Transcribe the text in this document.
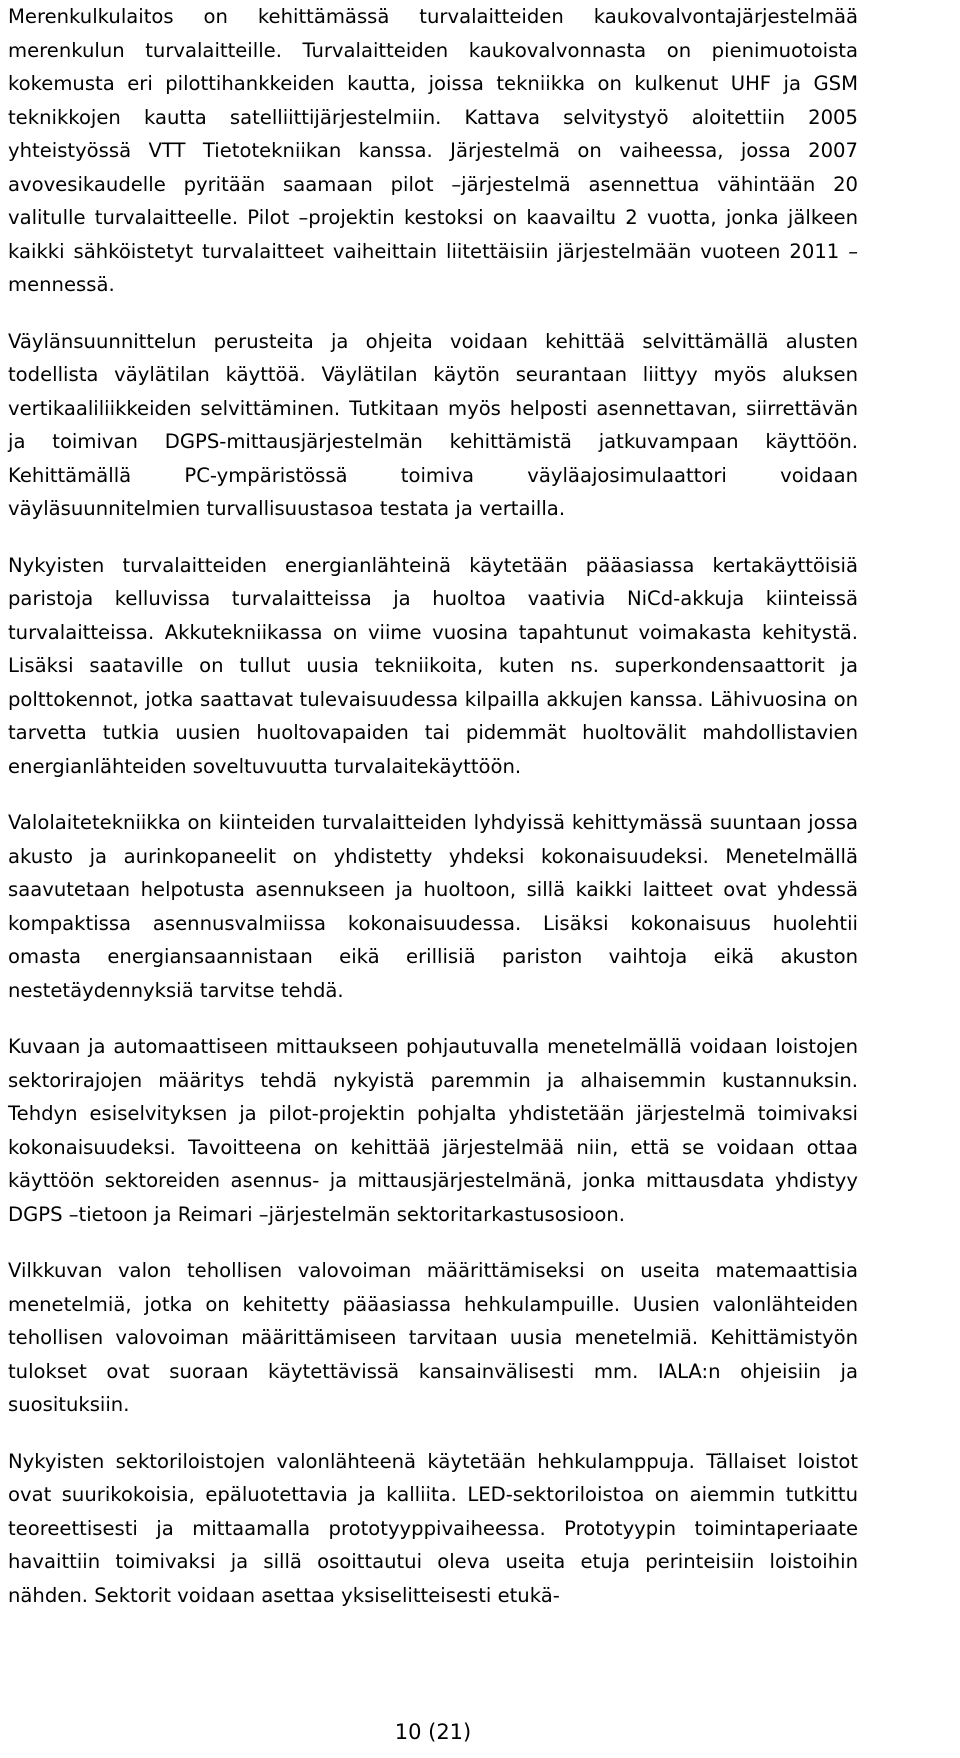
Merenkulkulaitos on kehittämässä turvalaitteiden kaukovalvontajärjestelmää merenkulun turvalaitteille. Turvalaitteiden kaukovalvonnasta on pienimuotoista kokemusta eri pilottihankkeiden kautta, joissa tekniikka on kulkenut UHF ja GSM teknikkojen kautta satelliittijärjestelmiin. Kattava selvitystyö aloitettiin 2005 yhteistyössä VTT Tietotekniikan kanssa. Järjestelmä on vaiheessa, jossa 2007 avovesikaudelle pyritään saamaan pilot –järjestelmä asennettua vähintään 20 valitulle turvalaitteelle. Pilot –projektin kestoksi on kaavailtu 2 vuotta, jonka jälkeen kaikki sähköistetyt turvalaitteet vaiheittain liitettäisiin järjestelmään vuoteen 2011 –mennessä.

Väylänsuunnittelun perusteita ja ohjeita voidaan kehittää selvittämällä alusten todellista väylätilan käyttöä. Väylätilan käytön seurantaan liittyy myös aluksen vertikaaliliikkeiden selvittäminen. Tutkitaan myös helposti asennettavan, siirrettävän ja toimivan DGPS-mittausjärjestelmän kehittämistä jatkuvampaan käyttöön. Kehittämällä PC-ympäristössä toimiva väyläajosimulaattori voidaan väyläsuunnitelmien turvallisuustasoa testata ja vertailla.

Nykyisten turvalaitteiden energianlähteinä käytetään pääasiassa kertakäyttöisiä paristoja kelluvissa turvalaitteissa ja huoltoa vaativia NiCd-akkuja kiinteissä turvalaitteissa. Akkutekniikassa on viime vuosina tapahtunut voimakasta kehitystä. Lisäksi saataville on tullut uusia tekniikoita, kuten ns. superkondensaattorit ja polttokennot, jotka saattavat tulevaisuudessa kilpailla akkujen kanssa. Lähivuosina on tarvetta tutkia uusien huoltovapaiden tai pidemmät huoltovälit mahdollistavien energianlähteiden soveltuvuutta turvalaitekäyttöön.

Valolaitetekniikka on kiinteiden turvalaitteiden lyhdyissä kehittymässä suuntaan jossa akusto ja aurinkopaneelit on yhdistetty yhdeksi kokonaisuudeksi. Menetelmällä saavutetaan helpotusta asennukseen ja huoltoon, sillä kaikki laitteet ovat yhdessä kompaktissa asennusvalmiissa kokonaisuudessa. Lisäksi kokonaisuus huolehtii omasta energiansaannistaan eikä erillisiä pariston vaihtoja eikä akuston nestetäydennyksiä tarvitse tehdä.

Kuvaan ja automaattiseen mittaukseen pohjautuvalla menetelmällä voidaan loistojen sektorirajojen määritys tehdä nykyistä paremmin ja alhaisemmin kustannuksin. Tehdyn esiselvityksen ja pilot-projektin pohjalta yhdistetään järjestelmä toimivaksi kokonaisuudeksi. Tavoitteena on kehittää järjestelmää niin, että se voidaan ottaa käyttöön sektoreiden asennus- ja mittausjärjestelmänä, jonka mittausdata yhdistyy DGPS –tietoon ja Reimari –järjestelmän sektoritarkastusosioon.

Vilkkuvan valon tehollisen valovoiman määrittämiseksi on useita matemaattisia menetelmiä, jotka on kehitetty pääasiassa hehkulampuille. Uusien valonlähteiden tehollisen valovoiman määrittämiseen tarvitaan uusia menetelmiä. Kehittämistyön tulokset ovat suoraan käytettävissä kansainvälisesti mm. IALA:n ohjeisiin ja suosituksiin.

Nykyisten sektoriloistojen valonlähteenä käytetään hehkulamppuja. Tällaiset loistot ovat suurikokoisia, epäluotettavia ja kalliita. LED-sektoriloistoa on aiemmin tutkittu teoreettisesti ja mittaamalla prototyyppivaiheessa. Prototyypin toimintaperiaate havaittiin toimivaksi ja sillä osoittautui oleva useita etuja perinteisiin loistoihin nähden. Sektorit voidaan asettaa yksiselitteisesti etukä-

10 (21)
